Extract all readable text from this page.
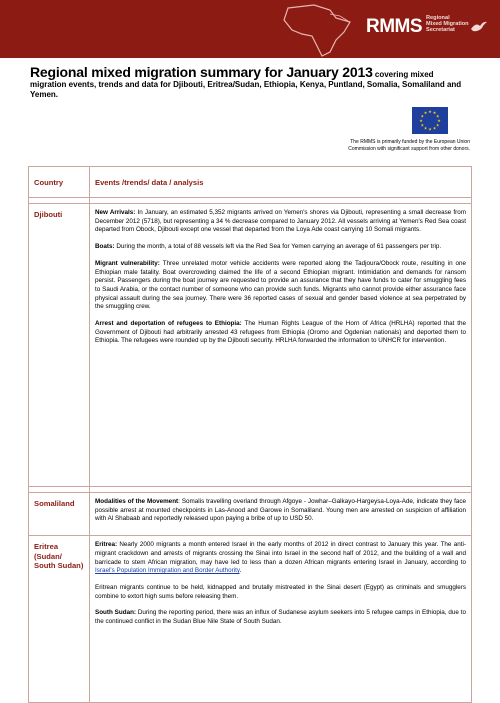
RMMS Regional
Mixed Migration
Secretariat
Regional mixed migration summary for January 2013 covering mixed migration events, trends and data for Djibouti, Eritrea/Sudan, Ethiopia, Kenya, Puntland, Somalia, Somaliland and Yemen.
★ ★
★
★
★
★
★
★
★
★
★
★
The RMMS is primarily funded by the European Union
Commission with significant support from other donors.
Country	Events /trends/ data / analysis

Djibouti	New Arrivals: In January, an estimated 5,352 migrants arrived on Yemen's shores via Djibouti, representing a small decrease from December 2012 (5718), but representing a 34 % decrease compared to January 2012. All vessels arriving at Yemen's Red Sea coast departed from Obock, Djibouti except one vessel that departed from the Loya Ade coast carrying 10 Somali migrants.

Boats: During the month, a total of 88 vessels left via the Red Sea for Yemen carrying an average of 61 passengers per trip.

Migrant vulnerability: Three unrelated motor vehicle accidents were reported along the Tadjoura/Obock route, resulting in one Ethiopian male fatality. Boat overcrowding claimed the life of a second Ethiopian migrant. Intimidation and demands for ransom persist. Passengers during the boat journey are requested to provide an assurance that they have funds to cater for smuggling fees to Saudi Arabia, or the contact number of someone who can provide such funds. Migrants who cannot provide either assurance face physical assault during the sea journey. There were 36 reported cases of sexual and gender based violence at sea perpetrated by the smuggling crew.

Arrest and deportation of refugees to Ethiopia: The Human Rights League of the Horn of Africa (HRLHA) reported that the Government of Djibouti had arbitrarily arrested 43 refugees from Ethiopia (Oromo and Ogdenian nationals) and deported them to Ethiopia. The refugees were rounded up by the Djibouti security. HRLHA forwarded the information to UNHCR for intervention.

Somaliland	Modalities of the Movement: Somalis travelling overland through Afgoye - Jowhar–Galkayo-Hargeysa-Loya-Ade, indicate they face possible arrest at mounted checkpoints in Las-Anood and Garowe in Somaliland. Young men are arrested on suspicion of affiliation with Al Shabaab and reportedly released upon paying a bribe of up to USD 50.

Eritrea (Sudan/ South Sudan)	Eritrea: Nearly 2000 migrants a month entered Israel in the early months of 2012 in direct contrast to January this year. The anti-migrant crackdown and arrests of migrants crossing the Sinai into Israel in the second half of 2012, and the building of a wall and barricade to stem African migration, may have led to less than a dozen African migrants entering Israel in January, according to Israel's Population Immigration and Border Authority.

Eritrean migrants continue to be held, kidnapped and brutally mistreated in the Sinai desert (Egypt) as criminals and smugglers combine to extort high sums before releasing them.

South Sudan: During the reporting period, there was an influx of Sudanese asylum seekers into 5 refugee camps in Ethiopia, due to the continued conflict in the Sudan Blue Nile State of South Sudan.
